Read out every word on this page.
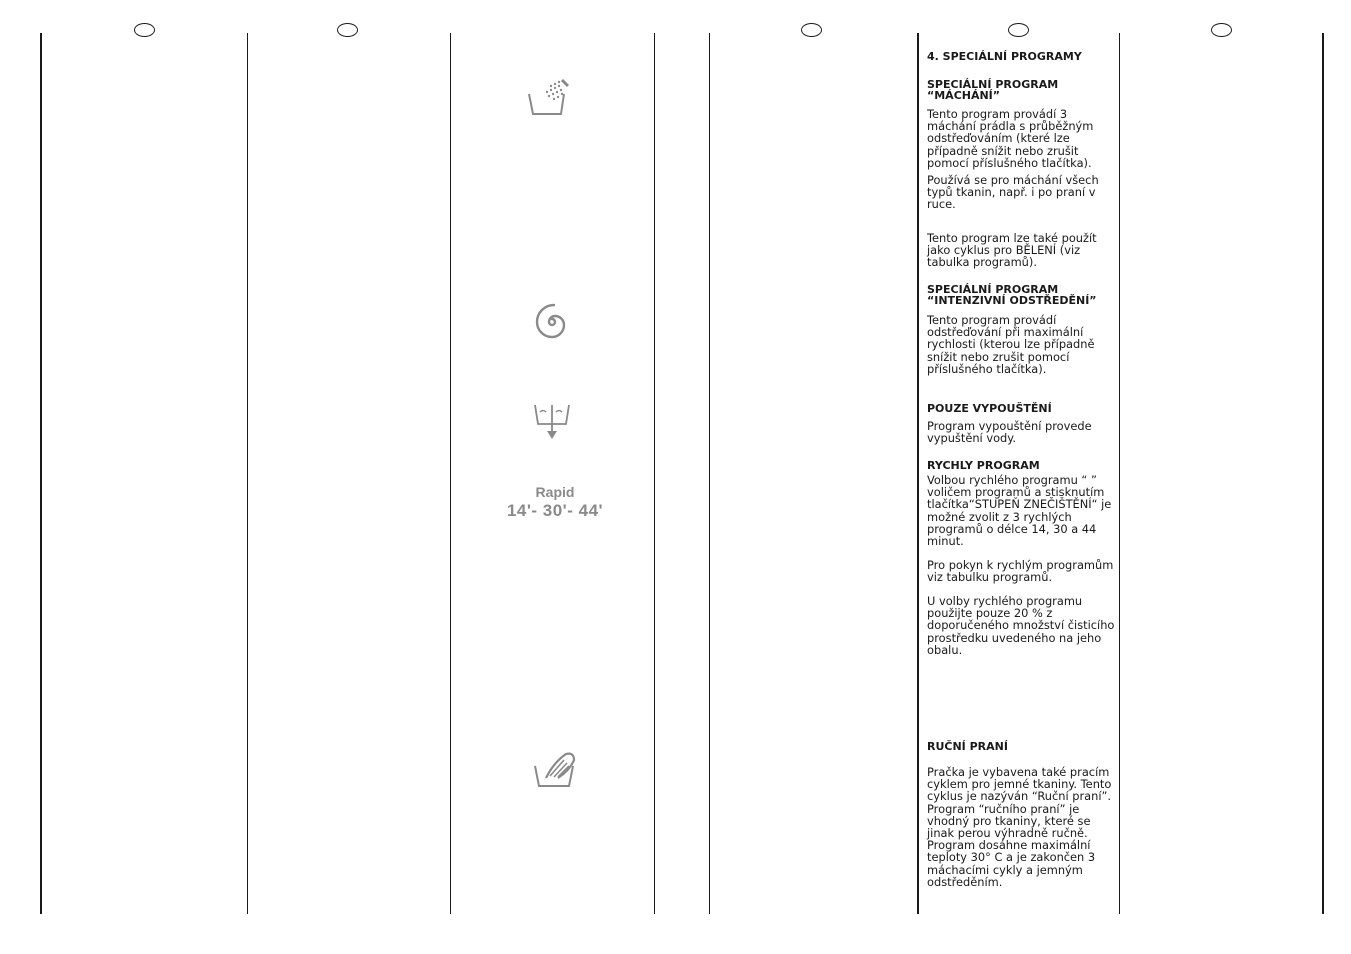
Rapid
14'- 30'- 44'
4. SPECIÁLNÍ PROGRAMY
SPECIÁLNÍ PROGRAM
“MÁCHÁNÍ”

Tento program provádí 3 máchání prádla s průběžným odstřeďováním (které lze případně snížit nebo zrušit pomocí příslušného tlačítka).

Používá se pro máchání všech typů tkanin, např. i po praní v ruce.

Tento program lze také použít jako cyklus pro BĚLENÍ (viz tabulka programů).

SPECIÁLNÍ PROGRAM
“INTENZIVNÍ ODSTŘEDĚNÍ”

Tento program provádí odstřeďování při maximální rychlosti (kterou lze případně snížit nebo zrušit pomocí příslušného tlačítka).

POUZE VYPOUŠTĚNÍ

Program vypouštění provede vypuštění vody.

RYCHLY PROGRAM

Volbou rychlého programu “ ” voličem programů a stisknutím tlačítka“STUPEŇ ZNEČIŠTĚNÍ“ je možné zvolit z 3 rychlých programů o délce 14, 30 a 44 minut.

Pro pokyn k rychlým programům viz tabulku programů.

U volby rychlého programu použijte pouze 20 % z doporučeného množství čisticího prostředku uvedeného na jeho obalu.

RUČNÍ PRANÍ

Pračka je vybavena také pracím cyklem pro jemné tkaniny. Tento cyklus je nazýván “Ruční praní”. Program “ručního praní” je vhodný pro tkaniny, které se jinak perou výhradně ručně. Program dosáhne maximální teploty 30° C a je zakončen 3 máchacími cykly a jemným odstředěním.
